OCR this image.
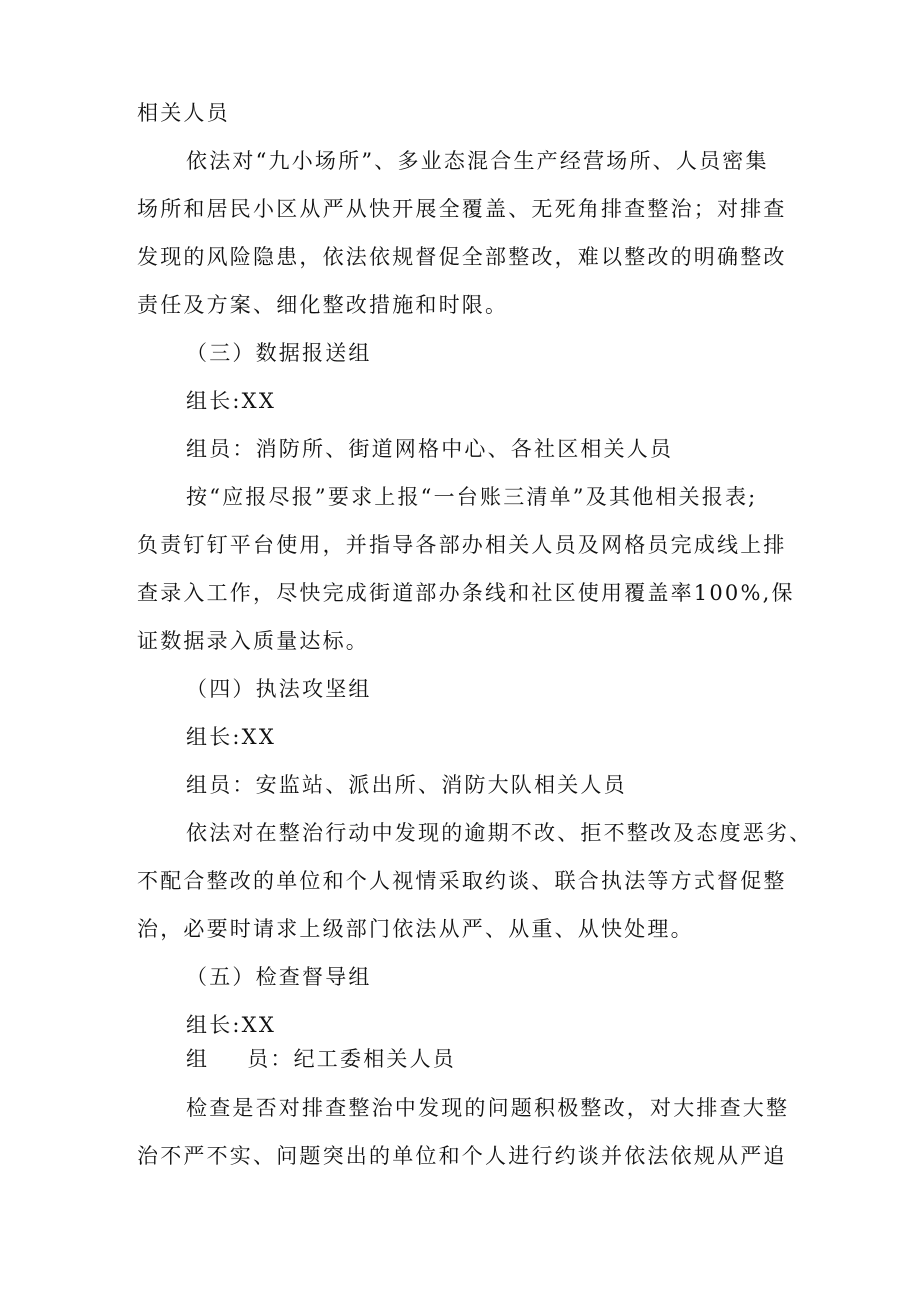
相关人员
依法对“九小场所”、多业态混合生产经营场所、人员密集
场所和居民小区从严从快开展全覆盖、无死角排查整治；对排查
发现的风险隐患，依法依规督促全部整改，难以整改的明确整改
责任及方案、细化整改措施和时限。
（三）数据报送组
组长:XX
组员：消防所、街道网格中心、各社区相关人员
按“应报尽报”要求上报“一台账三清单”及其他相关报表;
负责钉钉平台使用，并指导各部办相关人员及网格员完成线上排
查录入工作，尽快完成街道部办条线和社区使用覆盖率100%,保
证数据录入质量达标。
（四）执法攻坚组
组长:XX
组员：安监站、派出所、消防大队相关人员
依法对在整治行动中发现的逾期不改、拒不整改及态度恶劣、
不配合整改的单位和个人视情采取约谈、联合执法等方式督促整
治，必要时请求上级部门依法从严、从重、从快处理。
（五）检查督导组
组长:XX
组 员：纪工委相关人员
检查是否对排查整治中发现的问题积极整改，对大排查大整
治不严不实、问题突出的单位和个人进行约谈并依法依规从严追
